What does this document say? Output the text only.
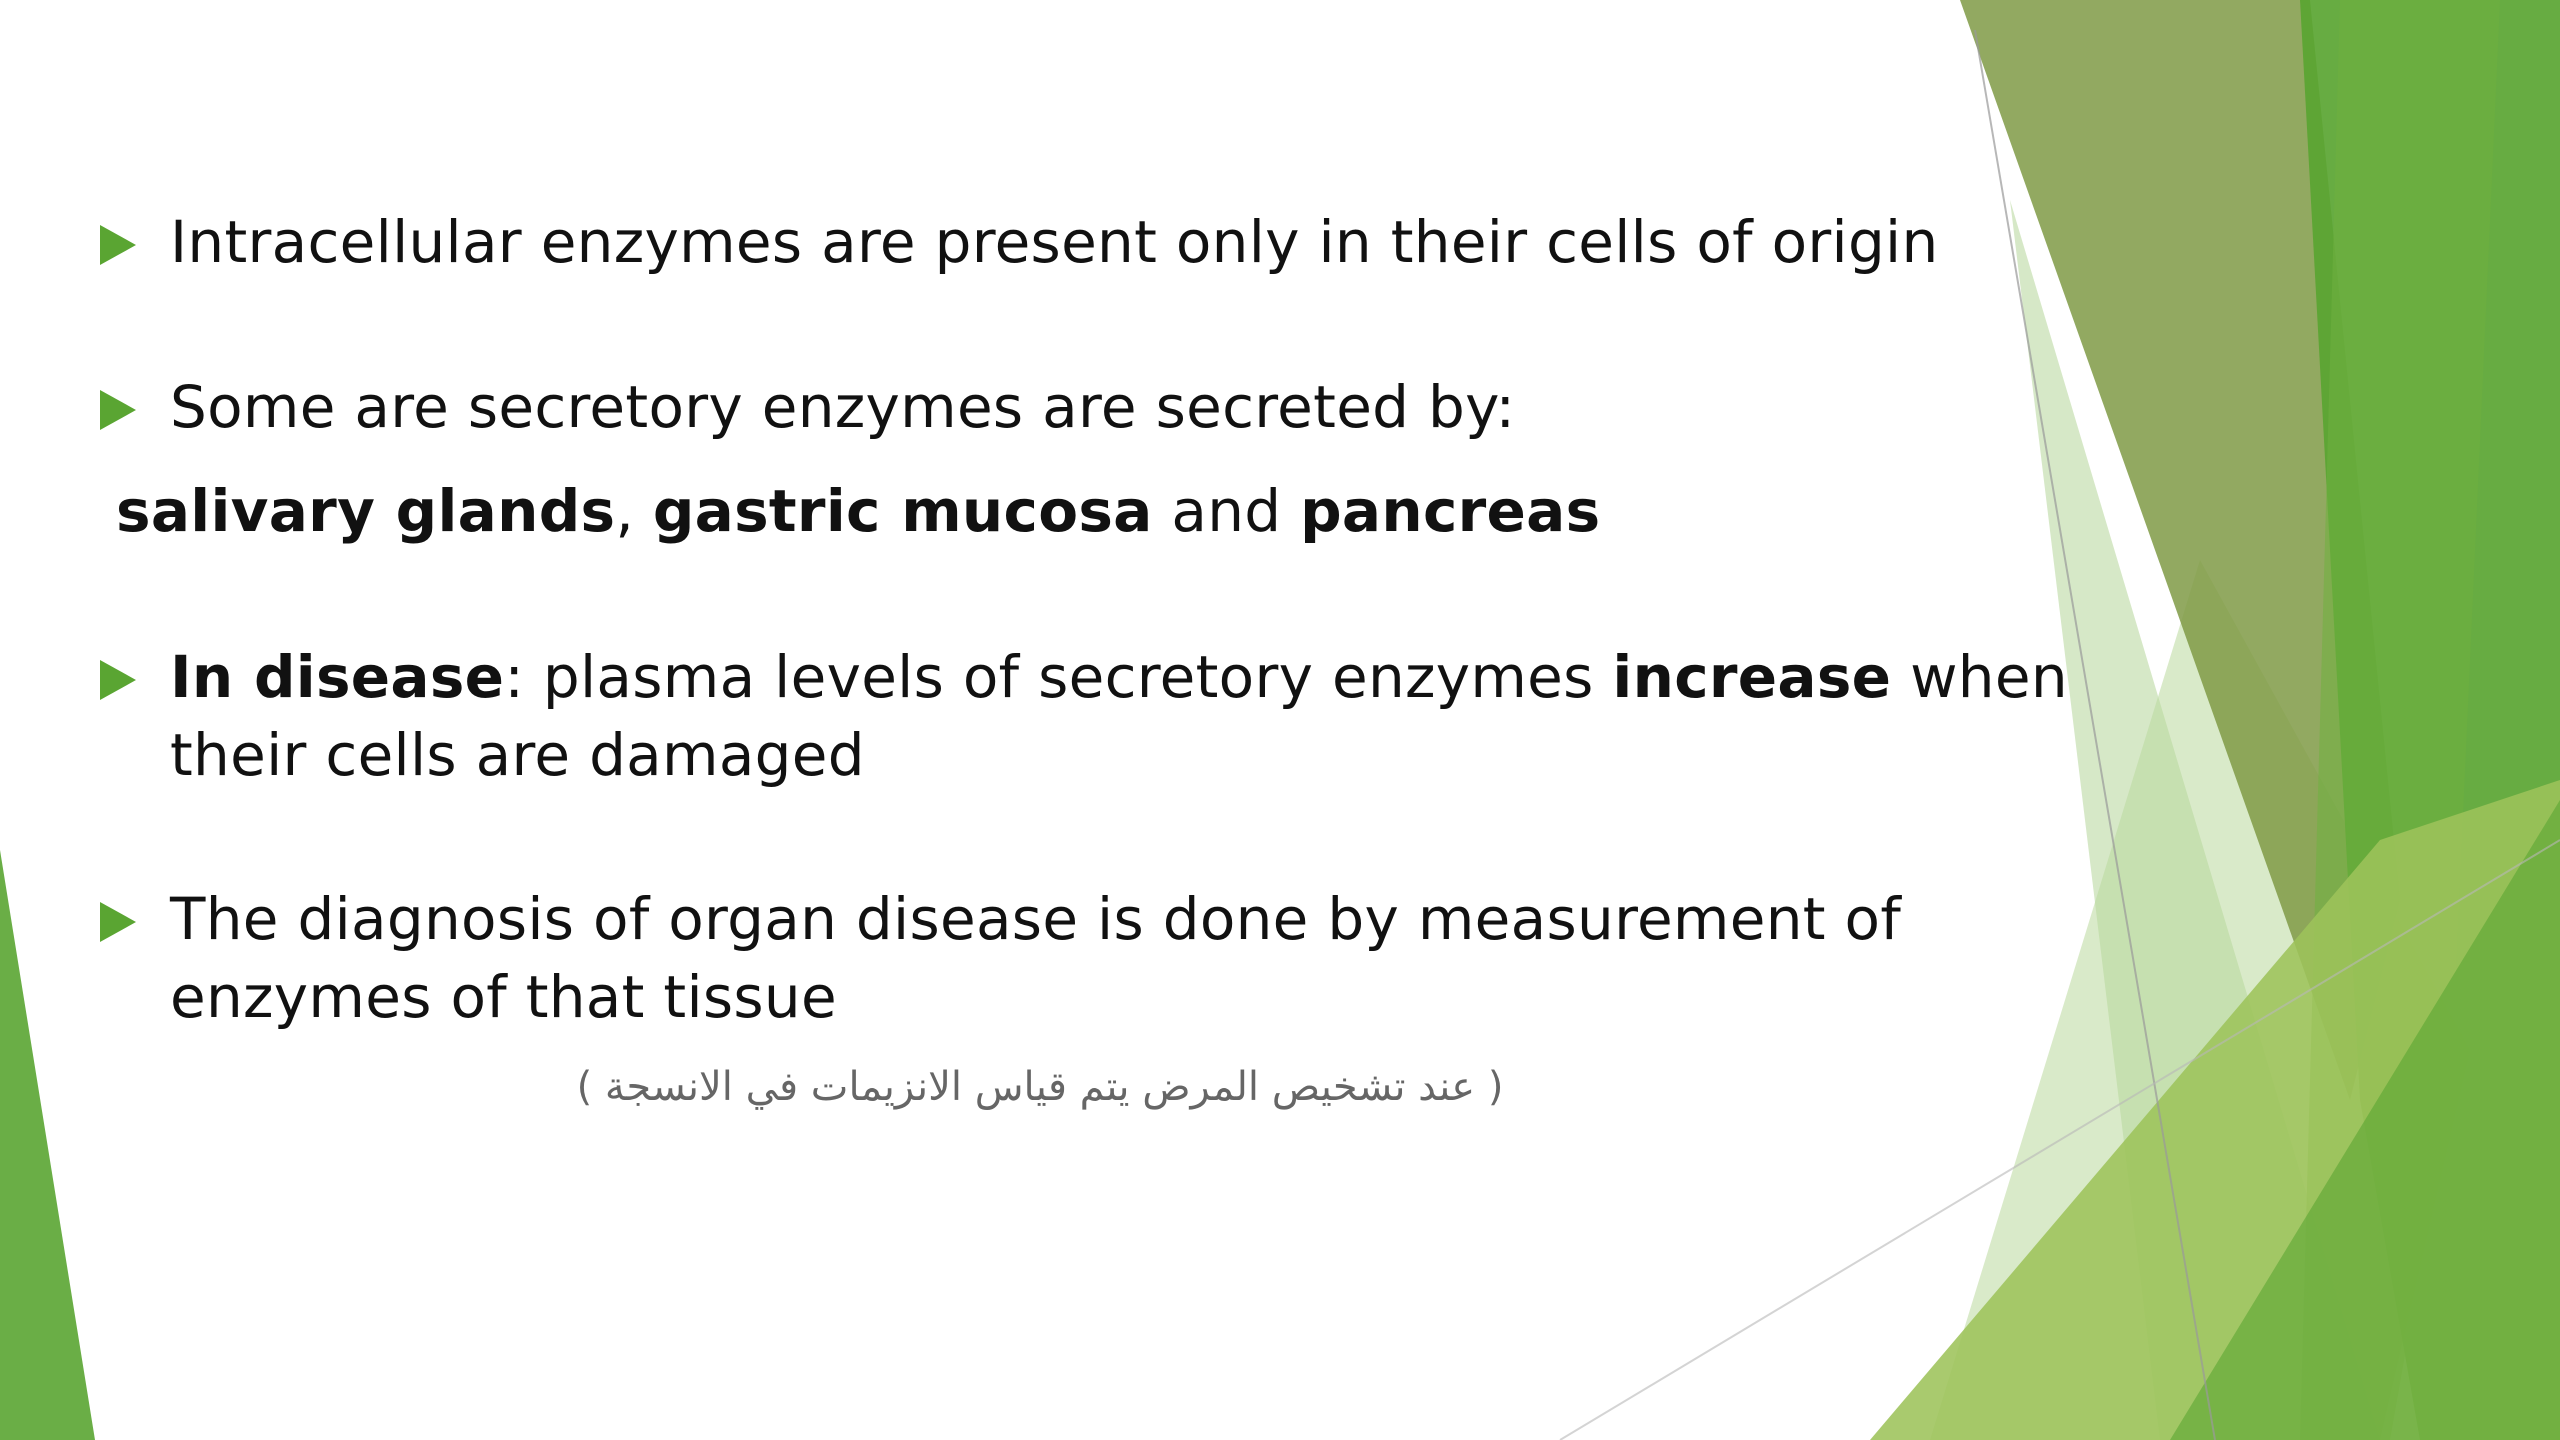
Intracellular enzymes are present only in their cells of origin
Some are secretory enzymes are secreted by:
salivary glands, gastric mucosa and pancreas
In disease: plasma levels of secretory enzymes increase when
their cells are damaged
The diagnosis of organ disease is done by measurement of
enzymes of that tissue
( عند تشخيص المرض يتم قياس الانزيمات في الانسجة )
